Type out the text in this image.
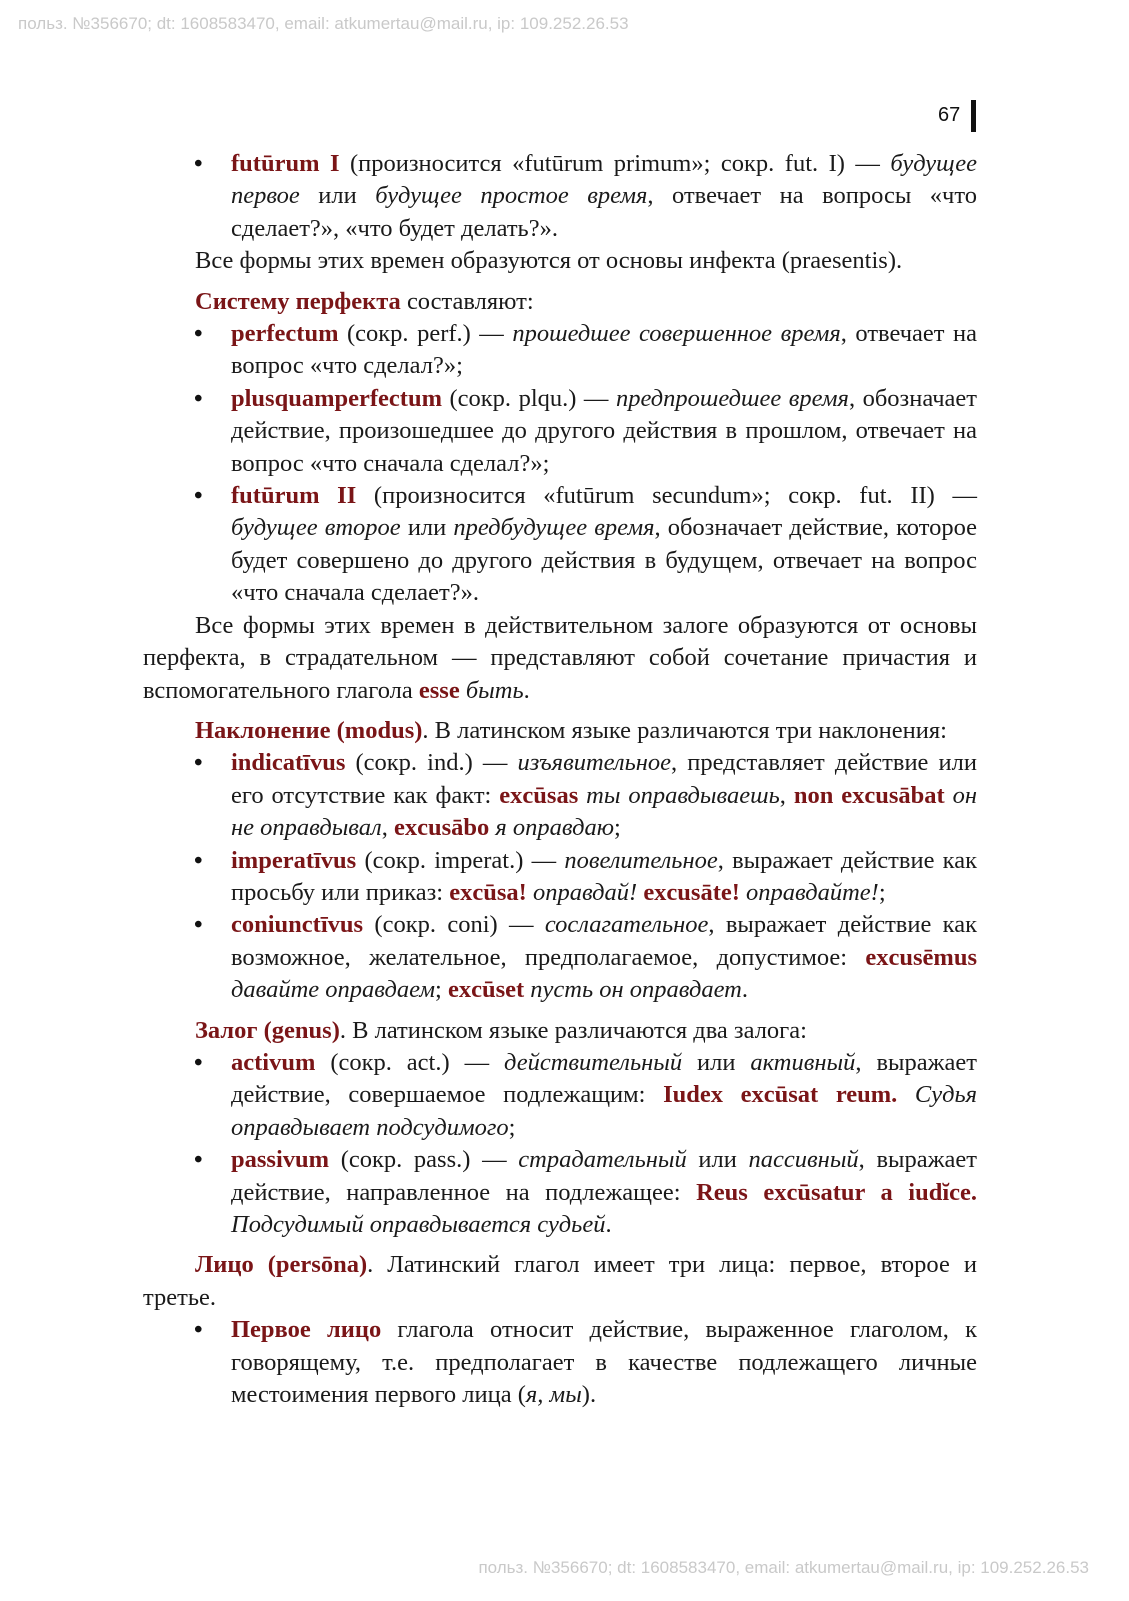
польз. №356670; dt: 1608583470, email: atkumertau@mail.ru, ip: 109.252.26.53
67
• futūrum I (произносится «futūrum primum»; сокр. fut. I) — будущее первое или будущее простое время, отвечает на вопросы «что сделает?», «что будет делать?».

Все формы этих времен образуются от основы инфекта (praesentis).

Систему перфекта составляют:

• perfectum (сокр. perf.) — прошедшее совершенное время, отвечает на вопрос «что сделал?»;
• plusquamperfectum (сокр. plqu.) — предпрошедшее время, обозначает действие, произошедшее до другого действия в прошлом, отвечает на вопрос «что сначала сделал?»;
• futūrum II (произносится «futūrum secundum»; сокр. fut. II) — будущее второе или предбудущее время, обозначает действие, которое будет совершено до другого действия в будущем, отвечает на вопрос «что сначала сделает?».

Все формы этих времен в действительном залоге образуются от основы перфекта, в страдательном — представляют собой сочетание причастия и вспомогательного глагола esse быть.

Наклонение (modus). В латинском языке различаются три наклонения:

• indicatīvus (сокр. ind.) — изъявительное, представляет действие или его отсутствие как факт: excūsas ты оправдываешь, non excusābat он не оправдывал, excusābo я оправдаю;
• imperatīvus (сокр. imperat.) — повелительное, выражает действие как просьбу или приказ: excūsa! оправдай! excusāte! оправдайте!;
• coniunctīvus (сокр. coni) — сослагательное, выражает действие как возможное, желательное, предполагаемое, допустимое: excusēmus давайте оправдаем; excūset пусть он оправдает.

Залог (genus). В латинском языке различаются два залога:

• activum (сокр. act.) — действительный или активный, выражает действие, совершаемое подлежащим: Iudex excūsat reum. Судья оправдывает подсудимого;
• passivum (сокр. pass.) — страдательный или пассивный, выражает действие, направленное на подлежащее: Reus excūsatur a iudĭce. Подсудимый оправдывается судьей.

Лицо (persōna). Латинский глагол имеет три лица: первое, второе и третье.

• Первое лицо глагола относит действие, выраженное глаголом, к говорящему, т.е. предполагает в качестве подлежащего личные местоимения первого лица (я, мы).
польз. №356670; dt: 1608583470, email: atkumertau@mail.ru, ip: 109.252.26.53
